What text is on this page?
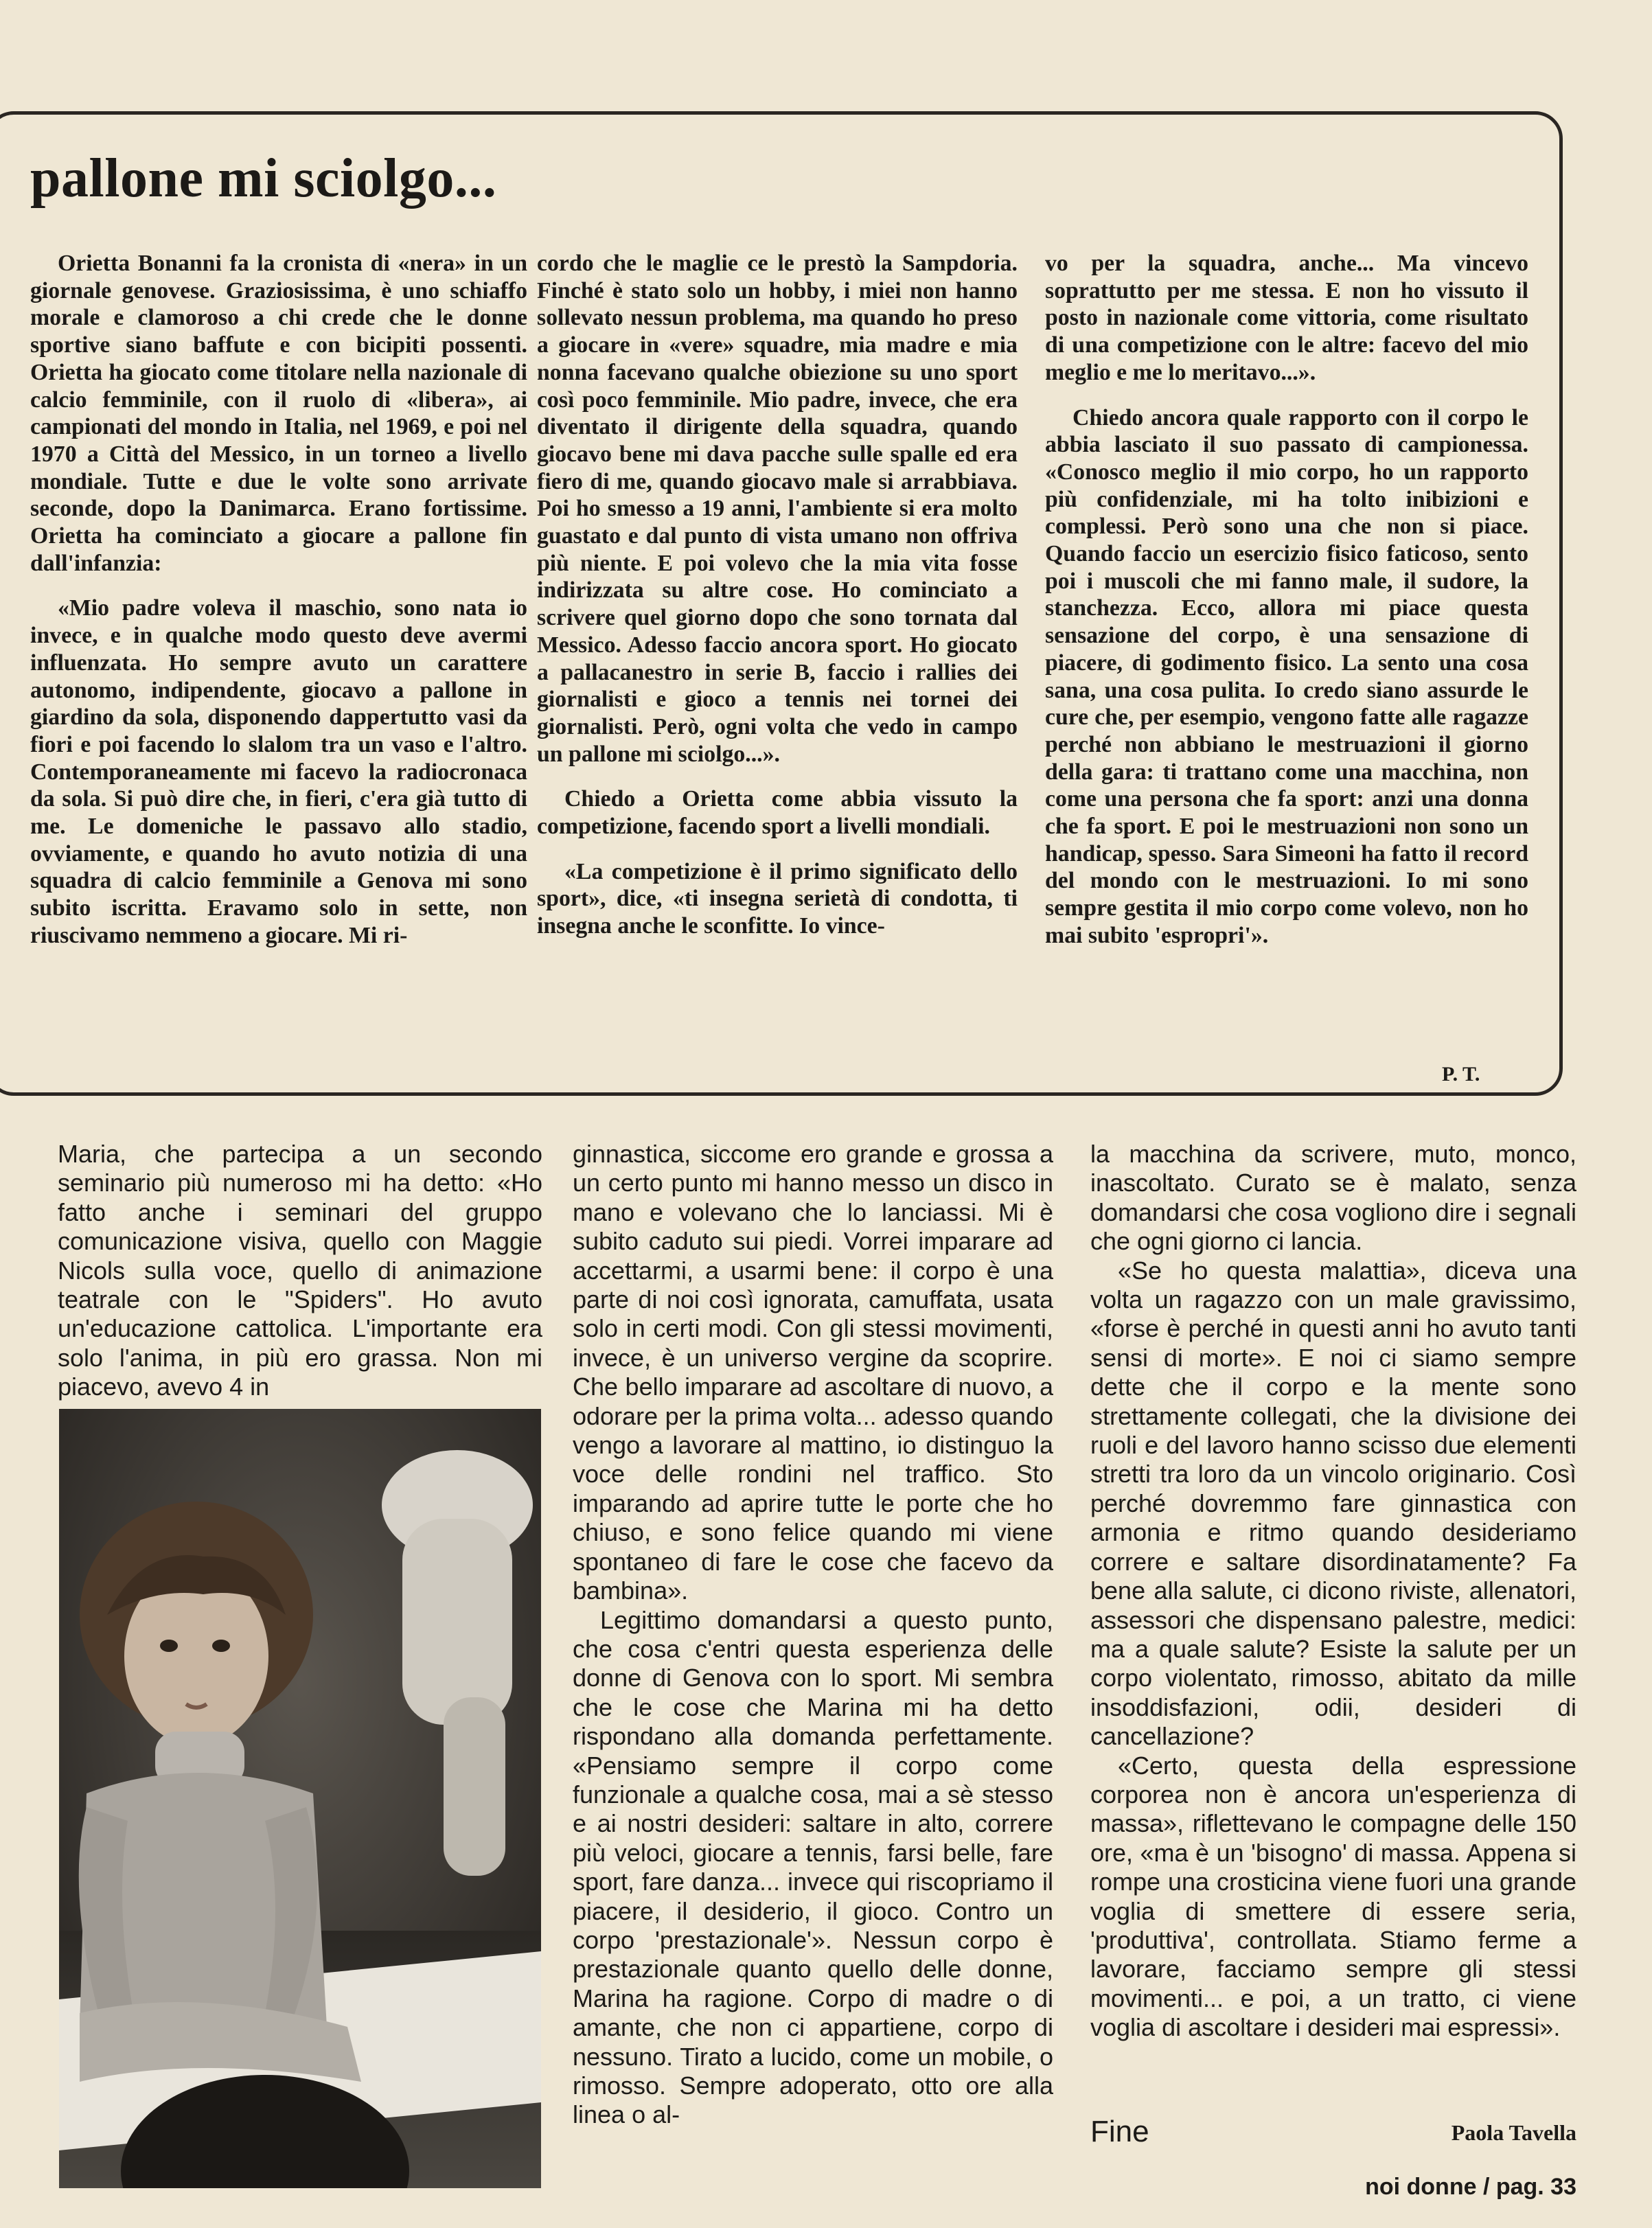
pallone mi sciolgo...

Orietta Bonanni fa la cronista di «nera» in un giornale genovese. Graziosissima, è uno schiaffo morale e clamoroso a chi crede che le donne sportive siano baffute e con bicipiti possenti. Orietta ha giocato come titolare nella nazionale di calcio femminile, con il ruolo di «libera», ai campionati del mondo in Italia, nel 1969, e poi nel 1970 a Città del Messico, in un torneo a livello mondiale. Tutte e due le volte sono arrivate seconde, dopo la Danimarca. Erano fortissime. Orietta ha cominciato a giocare a pallone fin dall'infanzia:

«Mio padre voleva il maschio, sono nata io invece, e in qualche modo questo deve avermi influenzata. Ho sempre avuto un carattere autonomo, indipendente, giocavo a pallone in giardino da sola, disponendo dappertutto vasi da fiori e poi facendo lo slalom tra un vaso e l'altro. Contemporaneamente mi facevo la radiocronaca da sola. Si può dire che, in fieri, c'era già tutto di me. Le domeniche le passavo allo stadio, ovviamente, e quando ho avuto notizia di una squadra di calcio femminile a Genova mi sono subito iscritta. Eravamo solo in sette, non riuscivamo nemmeno a giocare. Mi ri-

cordo che le maglie ce le prestò la Sampdoria. Finché è stato solo un hobby, i miei non hanno sollevato nessun problema, ma quando ho preso a giocare in «vere» squadre, mia madre e mia nonna facevano qualche obiezione su uno sport così poco femminile. Mio padre, invece, che era diventato il dirigente della squadra, quando giocavo bene mi dava pacche sulle spalle ed era fiero di me, quando giocavo male si arrabbiava. Poi ho smesso a 19 anni, l'ambiente si era molto guastato e dal punto di vista umano non offriva più niente. E poi volevo che la mia vita fosse indirizzata su altre cose. Ho cominciato a scrivere quel giorno dopo che sono tornata dal Messico. Adesso faccio ancora sport. Ho giocato a pallacanestro in serie B, faccio i rallies dei giornalisti e gioco a tennis nei tornei dei giornalisti. Però, ogni volta che vedo in campo un pallone mi sciolgo...».

Chiedo a Orietta come abbia vissuto la competizione, facendo sport a livelli mondiali.

«La competizione è il primo significato dello sport», dice, «ti insegna serietà di condotta, ti insegna anche le sconfitte. Io vince-

vo per la squadra, anche... Ma vincevo soprattutto per me stessa. E non ho vissuto il posto in nazionale come vittoria, come risultato di una competizione con le altre: facevo del mio meglio e me lo meritavo...».

Chiedo ancora quale rapporto con il corpo le abbia lasciato il suo passato di campionessa. «Conosco meglio il mio corpo, ho un rapporto più confidenziale, mi ha tolto inibizioni e complessi. Però sono una che non si piace. Quando faccio un esercizio fisico faticoso, sento poi i muscoli che mi fanno male, il sudore, la stanchezza. Ecco, allora mi piace questa sensazione del corpo, è una sensazione di piacere, di godimento fisico. La sento una cosa sana, una cosa pulita. Io credo siano assurde le cure che, per esempio, vengono fatte alle ragazze perché non abbiano le mestruazioni il giorno della gara: ti trattano come una macchina, non come una persona che fa sport: anzi una donna che fa sport. E poi le mestruazioni non sono un handicap, spesso. Sara Simeoni ha fatto il record del mondo con le mestruazioni. Io mi sono sempre gestita il mio corpo come volevo, non ho mai subito 'espropri'».

P. T.

Maria, che partecipa a un secondo seminario più numeroso mi ha detto: «Ho fatto anche i seminari del gruppo comunicazione visiva, quello con Maggie Nicols sulla voce, quello di animazione teatrale con le "Spiders". Ho avuto un'educazione cattolica. L'importante era solo l'anima, in più ero grassa. Non mi piacevo, avevo 4 in

ginnastica, siccome ero grande e grossa a un certo punto mi hanno messo un disco in mano e volevano che lo lanciassi. Mi è subito caduto sui piedi. Vorrei imparare ad accettarmi, a usarmi bene: il corpo è una parte di noi così ignorata, camuffata, usata solo in certi modi. Con gli stessi movimenti, invece, è un universo vergine da scoprire. Che bello imparare ad ascoltare di nuovo, a odorare per la prima volta... adesso quando vengo a lavorare al mattino, io distinguo la voce delle rondini nel traffico. Sto imparando ad aprire tutte le porte che ho chiuso, e sono felice quando mi viene spontaneo di fare le cose che facevo da bambina».

Legittimo domandarsi a questo punto, che cosa c'entri questa esperienza delle donne di Genova con lo sport. Mi sembra che le cose che Marina mi ha detto rispondano alla domanda perfettamente. «Pensiamo sempre il corpo come funzionale a qualche cosa, mai a sè stesso e ai nostri desideri: saltare in alto, correre più veloci, giocare a tennis, farsi belle, fare sport, fare danza... invece qui riscopriamo il piacere, il desiderio, il gioco. Contro un corpo 'prestazionale'». Nessun corpo è prestazionale quanto quello delle donne, Marina ha ragione. Corpo di madre o di amante, che non ci appartiene, corpo di nessuno. Tirato a lucido, come un mobile, o rimosso. Sempre adoperato, otto ore alla linea o al-

la macchina da scrivere, muto, monco, inascoltato. Curato se è malato, senza domandarsi che cosa vogliono dire i segnali che ogni giorno ci lancia.

«Se ho questa malattia», diceva una volta un ragazzo con un male gravissimo, «forse è perché in questi anni ho avuto tanti sensi di morte». E noi ci siamo sempre dette che il corpo e la mente sono strettamente collegati, che la divisione dei ruoli e del lavoro hanno scisso due elementi stretti tra loro da un vincolo originario. Così perché dovremmo fare ginnastica con armonia e ritmo quando desideriamo correre e saltare disordinatamente? Fa bene alla salute, ci dicono riviste, allenatori, assessori che dispensano palestre, medici: ma a quale salute? Esiste la salute per un corpo violentato, rimosso, abitato da mille insoddisfazioni, odii, desideri di cancellazione?

«Certo, questa della espressione corporea non è ancora un'esperienza di massa», riflettevano le compagne delle 150 ore, «ma è un 'bisogno' di massa. Appena si rompe una crosticina viene fuori una grande voglia di smettere di essere seria, 'produttiva', controllata. Stiamo ferme a lavorare, facciamo sempre gli stessi movimenti... e poi, a un tratto, ci viene voglia di ascoltare i desideri mai espressi».

Fine	Paola Tavella
noi donne / pag. 33
